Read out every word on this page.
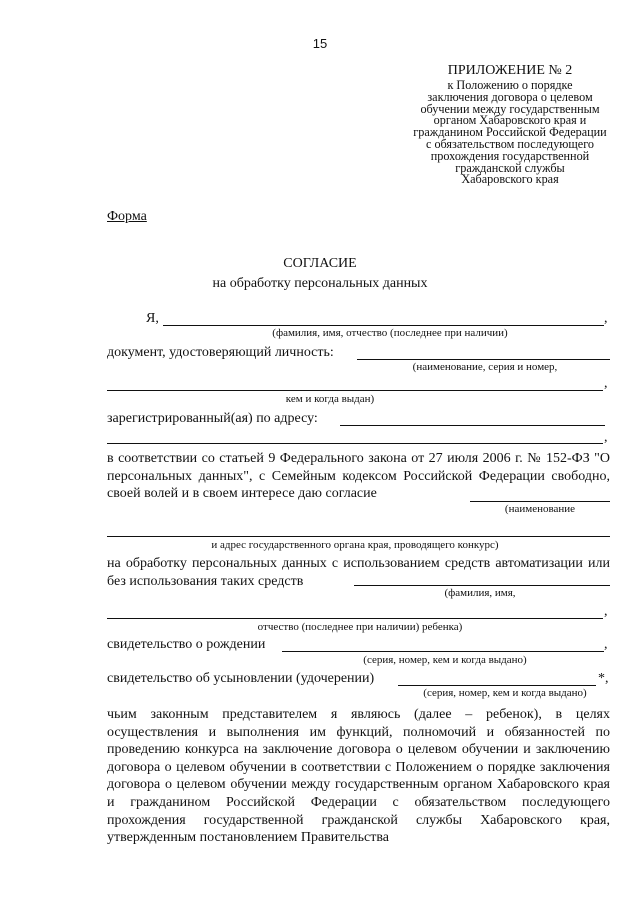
15
ПРИЛОЖЕНИЕ № 2
к Положению о порядке
заключения договора о целевом
обучении между государственным
органом Хабаровского края и
гражданином Российской Федерации
с обязательством последующего
прохождения государственной
гражданской службы
Хабаровского края
Форма
СОГЛАСИЕ
на обработку персональных данных
Я,	,
(фамилия, имя, отчество (последнее при наличии)
документ, удостоверяющий личность:
(наименование, серия и номер,
,
кем и когда выдан)
зарегистрированный(ая) по адресу:
,

в соответствии со статьей 9 Федерального закона от 27 июля 2006 г. № 152-ФЗ "О персональных данных", с Семейным кодексом Российской Федерации свободно, своей волей и в своем интересе даю согласие

(наименование
и адрес государственного органа края, проводящего конкурс)

на обработку персональных данных с использованием средств автоматизации или без использования таких средств

(фамилия, имя,
,
отчество (последнее при наличии) ребенка)
свидетельство о рождении	,
(серия, номер, кем и когда выдано)
свидетельство об усыновлении (удочерении)	*,
(серия, номер, кем и когда выдано)

чьим законным представителем я являюсь (далее – ребенок), в целях осуществления и выполнения им функций, полномочий и обязанностей по проведению конкурса на заключение договора о целевом обучении и заключению договора о целевом обучении в соответствии с Положением о порядке заключения договора о целевом обучении между государственным органом Хабаровского края и гражданином Российской Федерации с обязательством последующего прохождения государственной гражданской службы Хабаровского края, утвержденным постановлением Правительства
